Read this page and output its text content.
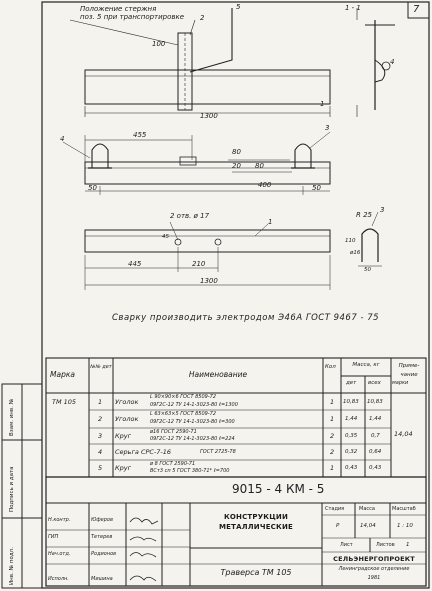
7
Положение стержня
поз. 5 при транспортировке
1 - 1
100
1300
2
5
4
1
455
4
3
80
20 80
50	400	50
2 отв. ø 17
1
45
445	210
1300
R 25
3
ø16
110
50
Сварку производить электродом Э46А ГОСТ 9467 - 75
Марка
№№ дет
Наименование
Кол	Масса, кг
дет всех марки
Приме- чание
ТМ 105
14,04
1 Уголок
L 90×90×6 ГОСТ 8509-72
09Г2С-12 ТУ 14-1-3023-80 ℓ=1300	1 10,83 10,83
2 Уголок
L 63×63×5 ГОСТ 8509-72
09Г2С-12 ТУ 14-1-3023-80 ℓ=300	1 1,44 1,44
3 Круг	ø16 ГОСТ 2590-71
09Г2С-12 ТУ 14-1-3023-80 ℓ=224	2 0,35	0,7
4 Серьга СРС-7-16	ГОСТ 2725-78	2 0,32 0,64
5 Круг	ø 8 ГОСТ 2590-71
ВСт3 сп 5 ГОСТ 380-71* ℓ=700	1 0,43 0,43
9015 - 4 КМ - 5
КОНСТРУКЦИИ
МЕТАЛЛИЧЕСКИЕ
Траверса ТМ 105
Стадия	Масса	Масштаб
Р	14,04	1 : 10
Лист	Листов 1
СЕЛЬЭНЕРГОПРОЕКТ
Ленинградское отделение
1981
Н.контр.	Юферов
ГИП	Тетерев
Нач.отд.	Родионов
Исполн.	Мишина
Инв. № подл.
Подпись и дата
Взам. инв. №
